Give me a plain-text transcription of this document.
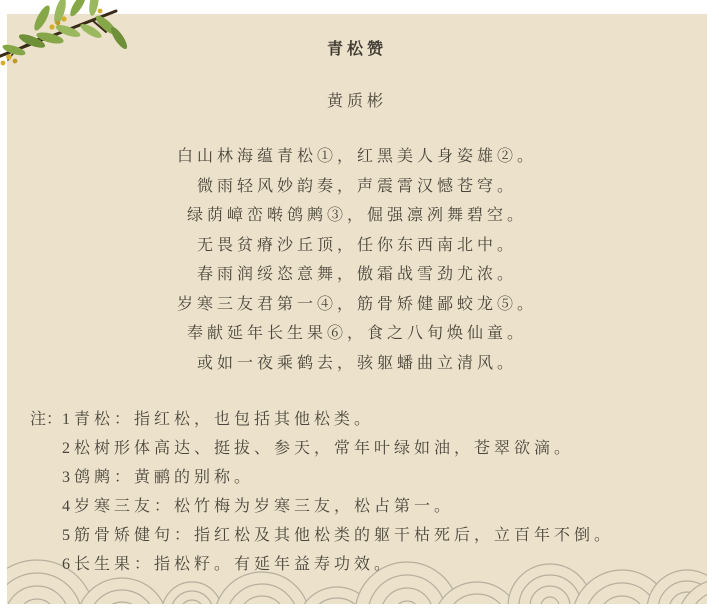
青松赞
黄质彬
白山林海蕴青松①，红黑美人身姿雄②。
微雨轻风妙韵奏，声震霄汉憾苍穹。
绿荫嶂峦啭鸧鹒③，倔强凛冽舞碧空。
无畏贫瘠沙丘顶，任你东西南北中。
春雨润绥恣意舞，傲霜战雪劲尤浓。
岁寒三友君第一④，筋骨矫健鄙蛟龙⑤。
奉献延年长生果⑥，食之八旬焕仙童。
或如一夜乘鹤去，骇躯蟠曲立清风。
注： 1青松：指红松，也包括其他松类。
2松树形体高达、挺拔、参天，常年叶绿如油，苍翠欲滴。
3鸧鹒：黄鹂的别称。
4岁寒三友：松竹梅为岁寒三友，松占第一。
5筋骨矫健句：指红松及其他松类的躯干枯死后，立百年不倒。
6长生果：指松籽。有延年益寿功效。
